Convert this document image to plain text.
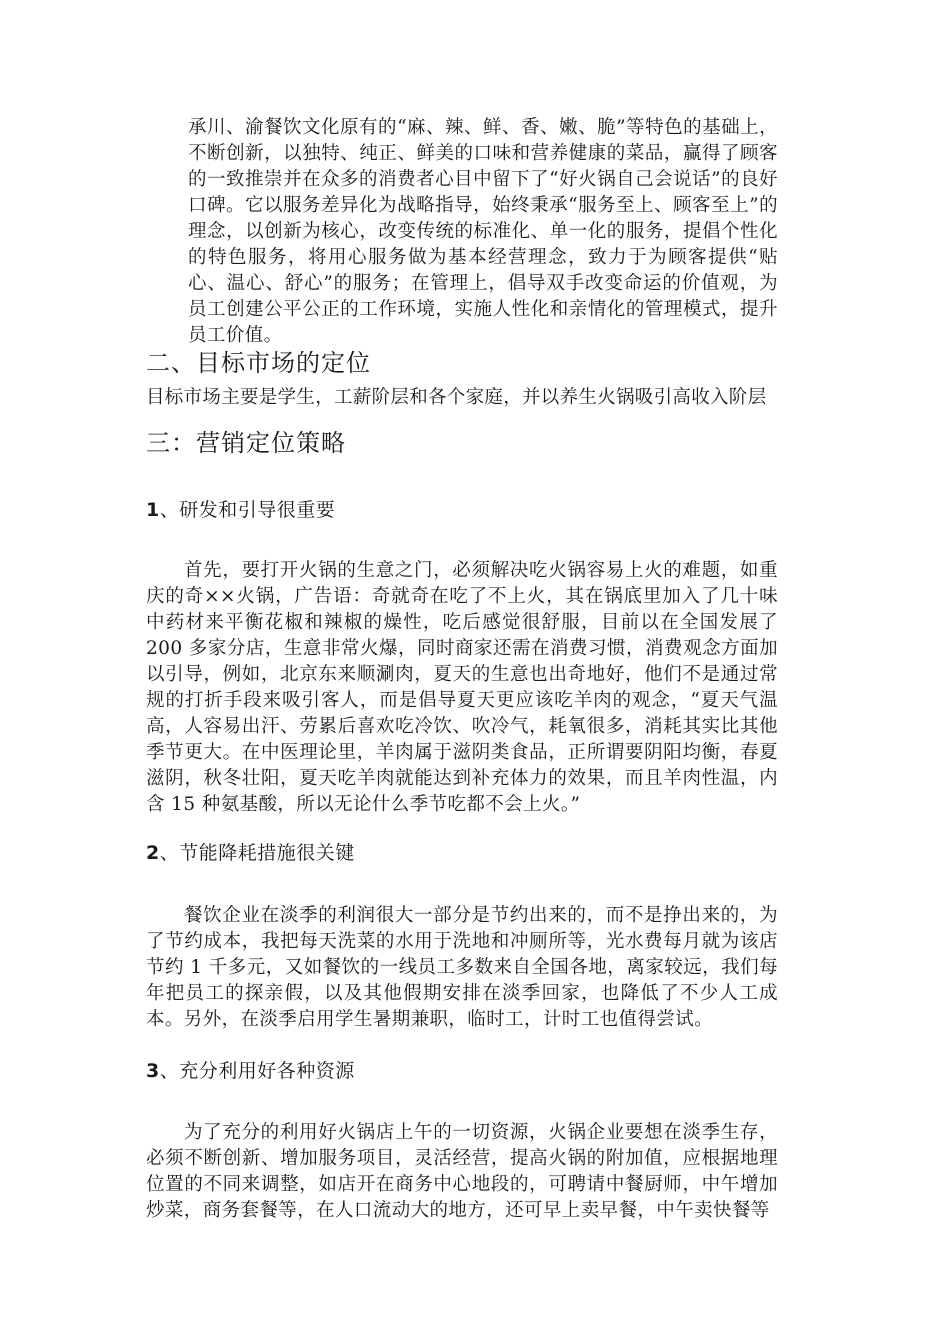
承川、渝餐饮文化原有的“麻、辣、鲜、香、嫩、脆”等特色的基础上，不断创新，以独特、纯正、鲜美的口味和营养健康的菜品，赢得了顾客的一致推崇并在众多的消费者心目中留下了“好火锅自己会说话”的良好口碑。它以服务差异化为战略指导，始终秉承“服务至上、顾客至上”的理念，以创新为核心，改变传统的标准化、单一化的服务，提倡个性化的特色服务，将用心服务做为基本经营理念，致力于为顾客提供“贴心、温心、舒心”的服务；在管理上，倡导双手改变命运的价值观，为员工创建公平公正的工作环境，实施人性化和亲情化的管理模式，提升员工价值。
二、目标市场的定位
目标市场主要是学生，工薪阶层和各个家庭，并以养生火锅吸引高收入阶层
三：营销定位策略
1、研发和引导很重要
首先，要打开火锅的生意之门，必须解决吃火锅容易上火的难题，如重庆的奇××火锅，广告语：奇就奇在吃了不上火，其在锅底里加入了几十味中药材来平衡花椒和辣椒的燥性，吃后感觉很舒服，目前以在全国发展了 200 多家分店，生意非常火爆，同时商家还需在消费习惯，消费观念方面加以引导，例如，北京东来顺涮肉，夏天的生意也出奇地好，他们不是通过常规的打折手段来吸引客人，而是倡导夏天更应该吃羊肉的观念，“夏天气温高，人容易出汗、劳累后喜欢吃冷饮、吹冷气，耗氧很多，消耗其实比其他季节更大。在中医理论里，羊肉属于滋阴类食品，正所谓要阴阳均衡，春夏滋阴，秋冬壮阳，夏天吃羊肉就能达到补充体力的效果，而且羊肉性温，内含 15 种氨基酸，所以无论什么季节吃都不会上火。”
2、节能降耗措施很关键
餐饮企业在淡季的利润很大一部分是节约出来的，而不是挣出来的，为了节约成本，我把每天洗菜的水用于洗地和冲厕所等，光水费每月就为该店节约 1 千多元，又如餐饮的一线员工多数来自全国各地，离家较远，我们每年把员工的探亲假，以及其他假期安排在淡季回家，也降低了不少人工成本。另外，在淡季启用学生暑期兼职，临时工，计时工也值得尝试。
3、充分利用好各种资源
为了充分的利用好火锅店上午的一切资源，火锅企业要想在淡季生存，必须不断创新、增加服务项目，灵活经营，提高火锅的附加值，应根据地理位置的不同来调整，如店开在商务中心地段的，可聘请中餐厨师，中午增加炒菜，商务套餐等，在人口流动大的地方，还可早上卖早餐，中午卖快餐等
